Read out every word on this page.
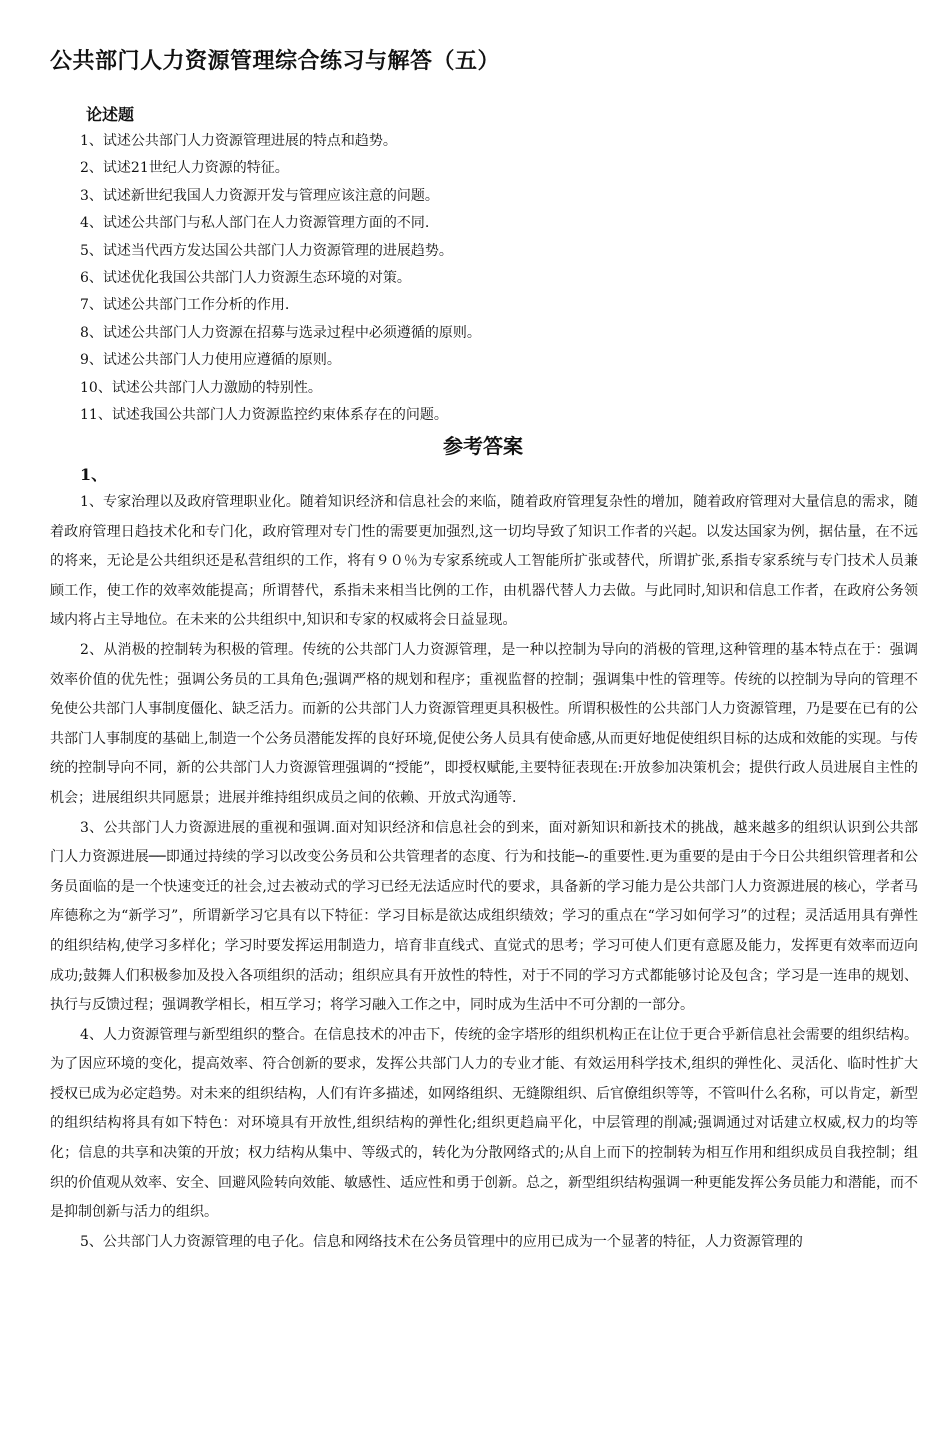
公共部门人力资源管理综合练习与解答（五）
论述题
1、试述公共部门人力资源管理进展的特点和趋势。
2、试述21世纪人力资源的特征。
3、试述新世纪我国人力资源开发与管理应该注意的问题。
4、试述公共部门与私人部门在人力资源管理方面的不同.
5、试述当代西方发达国公共部门人力资源管理的进展趋势。
6、试述优化我国公共部门人力资源生态环境的对策。
7、试述公共部门工作分析的作用.
8、试述公共部门人力资源在招募与选录过程中必须遵循的原则。
9、试述公共部门人力使用应遵循的原则。
10、试述公共部门人力激励的特别性。
11、试述我国公共部门人力资源监控约束体系存在的问题。
参考答案
1、

1、专家治理以及政府管理职业化。随着知识经济和信息社会的来临，随着政府管理复杂性的增加，随着政府管理对大量信息的需求，随着政府管理日趋技术化和专门化，政府管理对专门性的需要更加强烈,这一切均导致了知识工作者的兴起。以发达国家为例，据估量，在不远的将来，无论是公共组织还是私营组织的工作，将有９０％为专家系统或人工智能所扩张或替代，所谓扩张,系指专家系统与专门技术人员兼顾工作，使工作的效率效能提高；所谓替代，系指未来相当比例的工作，由机器代替人力去做。与此同时,知识和信息工作者，在政府公务领域内将占主导地位。在未来的公共组织中,知识和专家的权威将会日益显现。

2、从消极的控制转为积极的管理。传统的公共部门人力资源管理，是一种以控制为导向的消极的管理,这种管理的基本特点在于：强调效率价值的优先性；强调公务员的工具角色;强调严格的规划和程序；重视监督的控制；强调集中性的管理等。传统的以控制为导向的管理不免使公共部门人事制度僵化、缺乏活力。而新的公共部门人力资源管理更具积极性。所谓积极性的公共部门人力资源管理，乃是要在已有的公共部门人事制度的基础上,制造一个公务员潜能发挥的良好环境,促使公务人员具有使命感,从而更好地促使组织目标的达成和效能的实现。与传统的控制导向不同，新的公共部门人力资源管理强调的“授能”，即授权赋能,主要特征表现在:开放参加决策机会；提供行政人员进展自主性的机会；进展组织共同愿景；进展并维持组织成员之间的依赖、开放式沟通等.

3、公共部门人力资源进展的重视和强调.面对知识经济和信息社会的到来，面对新知识和新技术的挑战，越来越多的组织认识到公共部门人力资源进展──即通过持续的学习以改变公务员和公共管理者的态度、行为和技能─-的重要性.更为重要的是由于今日公共组织管理者和公务员面临的是一个快速变迁的社会,过去被动式的学习已经无法适应时代的要求，具备新的学习能力是公共部门人力资源进展的核心，学者马库德称之为“新学习”，所谓新学习它具有以下特征：学习目标是欲达成组织绩效；学习的重点在“学习如何学习”的过程；灵活适用具有弹性的组织结构,使学习多样化；学习时要发挥运用制造力，培育非直线式、直觉式的思考；学习可使人们更有意愿及能力，发挥更有效率而迈向成功;鼓舞人们积极参加及投入各项组织的活动；组织应具有开放性的特性，对于不同的学习方式都能够讨论及包含；学习是一连串的规划、执行与反馈过程；强调教学相长，相互学习；将学习融入工作之中，同时成为生活中不可分割的一部分。

4、人力资源管理与新型组织的整合。在信息技术的冲击下，传统的金字塔形的组织机构正在让位于更合乎新信息社会需要的组织结构。为了因应环境的变化，提高效率、符合创新的要求，发挥公共部门人力的专业才能、有效运用科学技术,组织的弹性化、灵活化、临时性扩大授权已成为必定趋势。对未来的组织结构，人们有许多描述，如网络组织、无缝隙组织、后官僚组织等等，不管叫什么名称，可以肯定，新型的组织结构将具有如下特色：对环境具有开放性,组织结构的弹性化;组织更趋扁平化，中层管理的削减;强调通过对话建立权威,权力的均等化；信息的共享和决策的开放；权力结构从集中、等级式的，转化为分散网络式的;从自上而下的控制转为相互作用和组织成员自我控制；组织的价值观从效率、安全、回避风险转向效能、敏感性、适应性和勇于创新。总之，新型组织结构强调一种更能发挥公务员能力和潜能，而不是抑制创新与活力的组织。

5、公共部门人力资源管理的电子化。信息和网络技术在公务员管理中的应用已成为一个显著的特征，人力资源管理的
